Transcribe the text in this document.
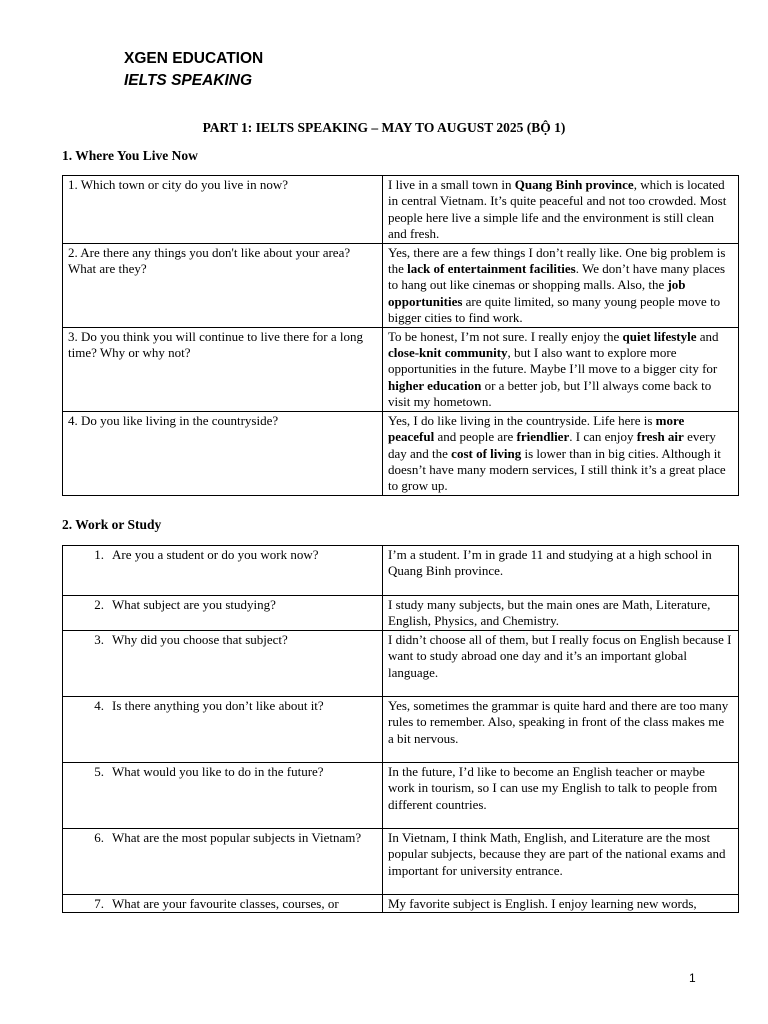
XGEN EDUCATION
IELTS SPEAKING
PART 1: IELTS SPEAKING – MAY TO AUGUST 2025 (BỘ 1)
1. Where You Live Now
1. Which town or city do you live in now?	I live in a small town in Quang Binh province, which is located in central Vietnam. It’s quite peaceful and not too crowded. Most people here live a simple life and the environment is still clean and fresh.
2. Are there any things you don't like about your area? What are they?	Yes, there are a few things I don’t really like. One big problem is the lack of entertainment facilities. We don’t have many places to hang out like cinemas or shopping malls. Also, the job opportunities are quite limited, so many young people move to bigger cities to find work.
3. Do you think you will continue to live there for a long time? Why or why not?	To be honest, I’m not sure. I really enjoy the quiet lifestyle and close-knit community, but I also want to explore more opportunities in the future. Maybe I’ll move to a bigger city for higher education or a better job, but I’ll always come back to visit my hometown.
4. Do you like living in the countryside?	Yes, I do like living in the countryside. Life here is more peaceful and people are friendlier. I can enjoy fresh air every day and the cost of living is lower than in big cities. Although it doesn’t have many modern services, I still think it’s a great place to grow up.
2. Work or Study
1. Are you a student or do you work now?	I’m a student. I’m in grade 11 and studying at a high school in Quang Binh province.
2. What subject are you studying?	I study many subjects, but the main ones are Math, Literature, English, Physics, and Chemistry.
3. Why did you choose that subject?	I didn’t choose all of them, but I really focus on English because I want to study abroad one day and it’s an important global language.
4. Is there anything you don’t like about it?	Yes, sometimes the grammar is quite hard and there are too many rules to remember. Also, speaking in front of the class makes me a bit nervous.
5. What would you like to do in the future?	In the future, I’d like to become an English teacher or maybe work in tourism, so I can use my English to talk to people from different countries.
6. What are the most popular subjects in Vietnam?	In Vietnam, I think Math, English, and Literature are the most popular subjects, because they are part of the national exams and important for university entrance.
7. What are your favourite classes, courses, or	My favorite subject is English. I enjoy learning new words,
1
